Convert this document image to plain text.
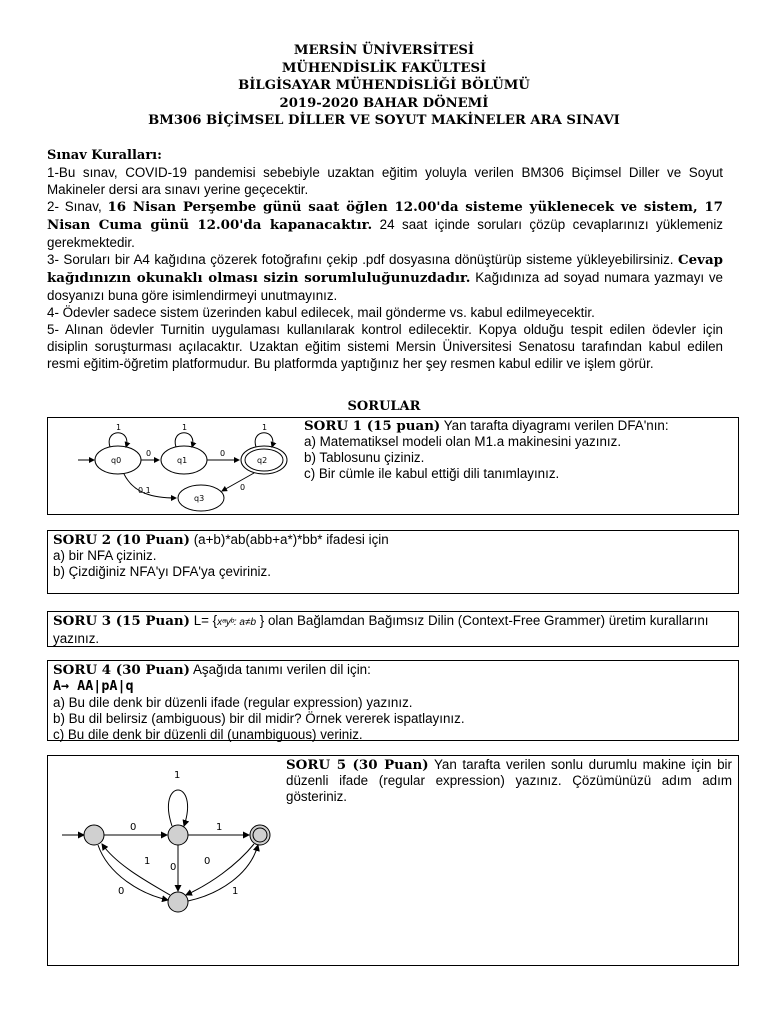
MERSİN ÜNİVERSİTESİ
MÜHENDİSLİK FAKÜLTESİ
BİLGİSAYAR MÜHENDİSLİĞİ BÖLÜMÜ
2019-2020 BAHAR DÖNEMİ
BM306 BİÇİMSEL DİLLER VE SOYUT MAKİNELER ARA SINAVI

Sınav Kuralları:

1-Bu sınav, COVID-19 pandemisi sebebiyle uzaktan eğitim yoluyla verilen BM306 Biçimsel Diller ve Soyut Makineler dersi ara sınavı yerine geçecektir.

2- Sınav, 16 Nisan Perşembe günü saat öğlen 12.00'da sisteme yüklenecek ve sistem, 17 Nisan Cuma günü 12.00'da kapanacaktır. 24 saat içinde soruları çözüp cevaplarınızı yüklemeniz gerekmektedir.

3- Soruları bir A4 kağıdına çözerek fotoğrafını çekip .pdf dosyasına dönüştürüp sisteme yükleyebilirsiniz. Cevap kağıdınızın okunaklı olması sizin sorumluluğunuzdadır. Kağıdınıza ad soyad numara yazmayı ve dosyanızı buna göre isimlendirmeyi unutmayınız.

4- Ödevler sadece sistem üzerinden kabul edilecek, mail gönderme vs. kabul edilmeyecektir.

5- Alınan ödevler Turnitin uygulaması kullanılarak kontrol edilecektir. Kopya olduğu tespit edilen ödevler için disiplin soruşturması açılacaktır. Uzaktan eğitim sistemi Mersin Üniversitesi Senatosu tarafından kabul edilen resmi eğitim-öğretim platformudur. Bu platformda yaptığınız her şey resmen kabul edilir ve işlem görür.

SORULAR
q0	q1	q2
q3
1	1	1
0	0
0,1	0

SORU 1 (15 puan) Yan tarafta diyagramı verilen DFA'nın:

a) Matematiksel modeli olan M1.a makinesini yazınız.

b) Tablosunu çiziniz.

c) Bir cümle ile kabul ettiği dili tanımlayınız.

SORU 2 (10 Puan) (a+b)*ab(abb+a*)*bb* ifadesi için

a) bir NFA çiziniz.

b) Çizdiğiniz NFA'yı DFA'ya çeviriniz.

SORU 3 (15 Puan) L= {xᵃyᵇ: a≠b } olan Bağlamdan Bağımsız Dilin (Context-Free Grammer) üretim kurallarını yazınız.

SORU 4 (30 Puan) Aşağıda tanımı verilen dil için:

A→ AA|pA|q

a) Bu dile denk bir düzenli ifade (regular expression) yazınız.

b) Bu dil belirsiz (ambiguous) bir dil midir? Örnek vererek ispatlayınız.

c) Bu dile denk bir düzenli dil (unambiguous) veriniz.

1
0	1
0
0
1	0
1

SORU 5 (30 Puan) Yan tarafta verilen sonlu durumlu makine için bir düzenli ifade (regular expression) yazınız. Çözümünüzü adım adım gösteriniz.
